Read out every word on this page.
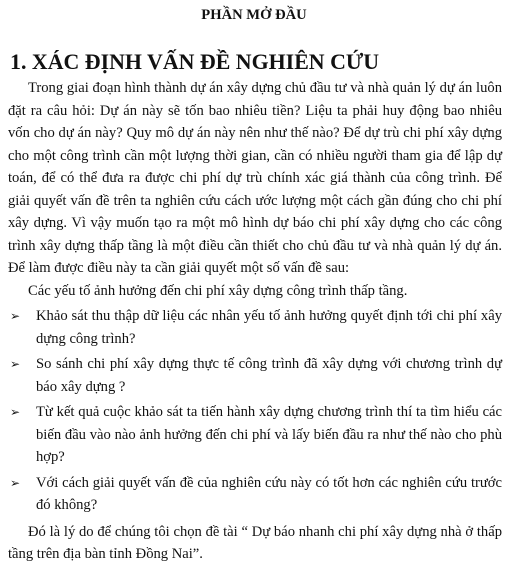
PHẦN MỞ ĐẦU
1. XÁC ĐỊNH VẤN ĐỀ NGHIÊN CỨU

Trong giai đoạn hình thành dự án xây dựng chủ đầu tư và nhà quản lý dự án luôn đặt ra câu hỏi: Dự án này sẽ tốn bao nhiêu tiền? Liệu ta phải huy động bao nhiêu vốn cho dự án này? Quy mô dự án này nên như thế nào? Để dự trù chi phí xây dựng cho một công trình cần một lượng thời gian, cần có nhiều người tham gia để lập dự toán, để có thể đưa ra được chi phí dự trù chính xác giá thành của công trình. Để giải quyết vấn đề trên ta nghiên cứu cách ước lượng một cách gần đúng cho chi phí xây dựng. Vì vậy muốn tạo ra một mô hình dự báo chi phí xây dựng cho các công trình xây dựng thấp tầng là một điều cần thiết cho chủ đầu tư và nhà quản lý dự án. Để làm được điều này ta cần giải quyết một số vấn đề sau:

Các yếu tố ảnh hưởng đến chi phí xây dựng công trình thấp tầng.

➢ Khảo sát thu thập dữ liệu các nhân yếu tố ảnh hưởng quyết định tới chi phí xây dựng công trình?
➢ So sánh chi phí xây dựng thực tế công trình đã xây dựng với chương trình dự báo xây dựng ?
➢ Từ kết quả cuộc khảo sát ta tiến hành xây dựng chương trình thí ta tìm hiểu các biến đầu vào nào ảnh hưởng đến chi phí và lấy biến đầu ra như thế nào cho phù hợp?
➢ Với cách giải quyết vấn đề của nghiên cứu này có tốt hơn các nghiên cứu trước đó không?

Đó là lý do để chúng tôi chọn đề tài “ Dự báo nhanh chi phí xây dựng nhà ở thấp tầng trên địa bàn tỉnh Đồng Nai”.
